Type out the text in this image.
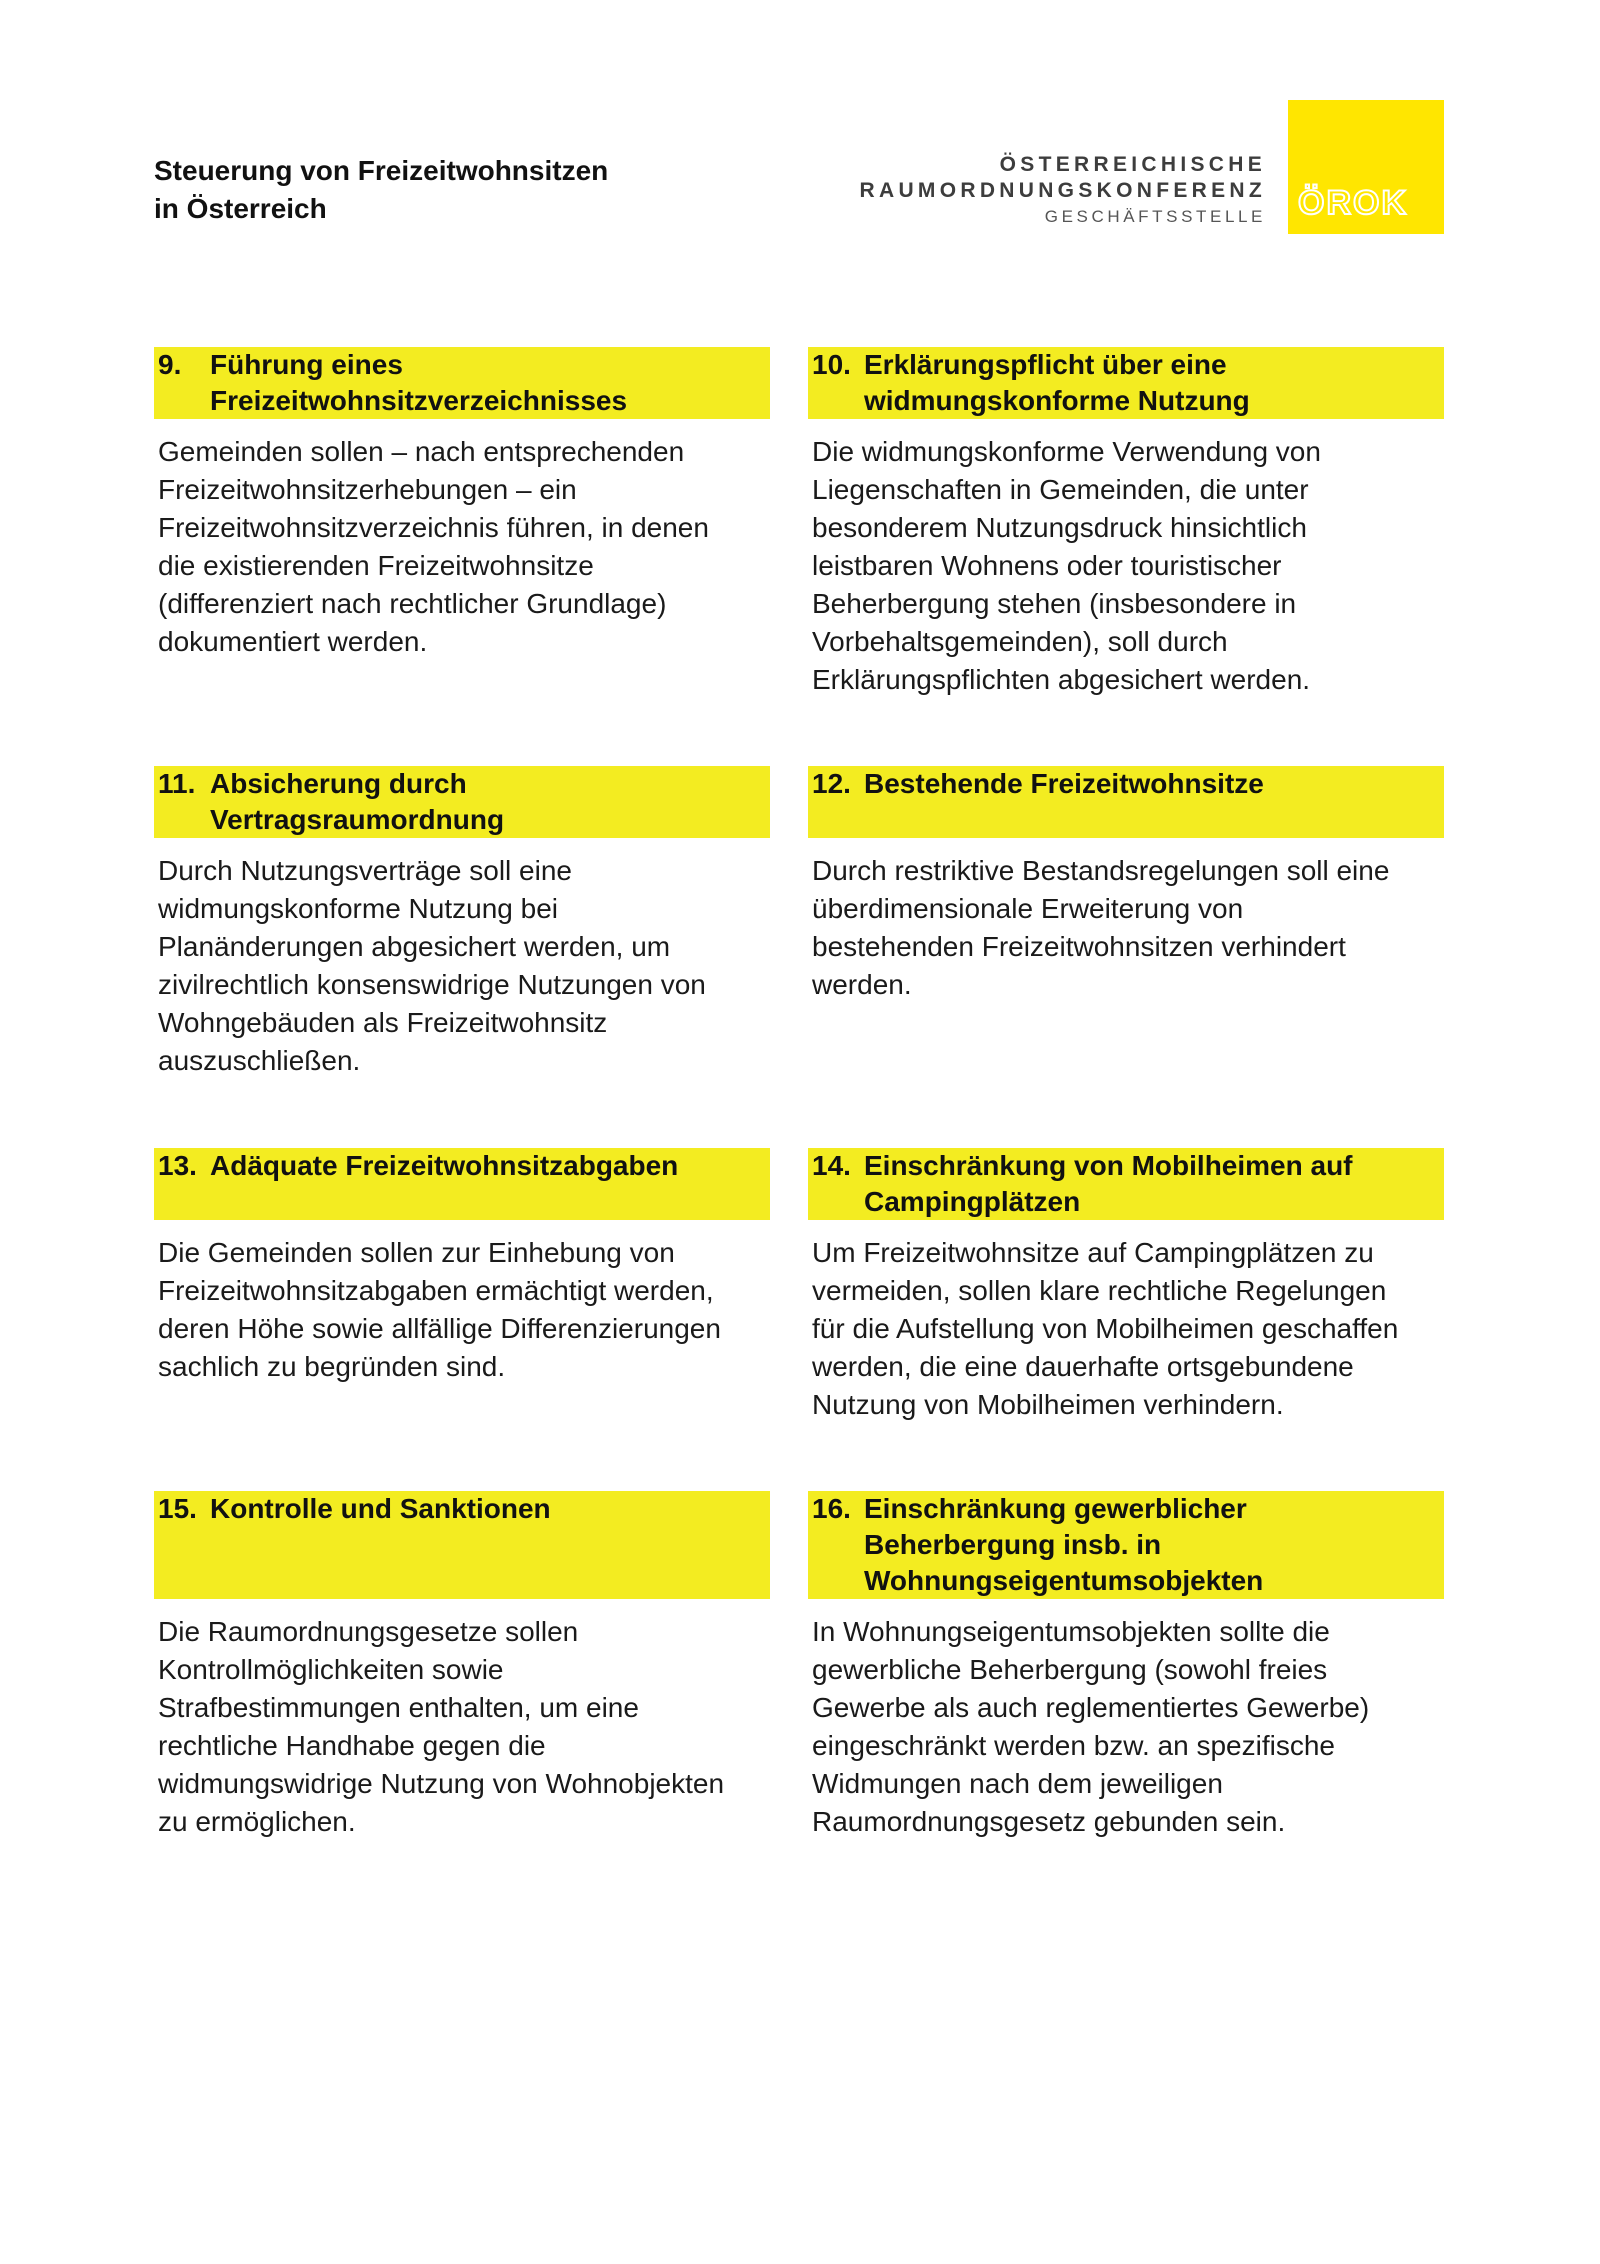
Steuerung von Freizeitwohnsitzen
in Österreich
ÖSTERREICHISCHE
RAUMORDNUNGSKONFERENZ
GESCHÄFTSSTELLE ÖROK
9.	Führung eines
Freizeitwohnsitzverzeichnisses
Gemeinden sollen – nach entsprechenden
Freizeitwohnsitzerhebungen – ein
Freizeitwohnsitzverzeichnis führen, in denen
die existierenden Freizeitwohnsitze
(differenziert nach rechtlicher Grundlage)
dokumentiert werden.
10. Erklärungspflicht über eine
widmungskonforme Nutzung
Die widmungskonforme Verwendung von
Liegenschaften in Gemeinden, die unter
besonderem Nutzungsdruck hinsichtlich
leistbaren Wohnens oder touristischer
Beherbergung stehen (insbesondere in
Vorbehaltsgemeinden), soll durch
Erklärungspflichten abgesichert werden.
11. Absicherung durch
Vertragsraumordnung
Durch Nutzungsverträge soll eine
widmungskonforme Nutzung bei
Planänderungen abgesichert werden, um
zivilrechtlich konsenswidrige Nutzungen von
Wohngebäuden als Freizeitwohnsitz
auszuschließen.
12. Bestehende Freizeitwohnsitze
Durch restriktive Bestandsregelungen soll eine
überdimensionale Erweiterung von
bestehenden Freizeitwohnsitzen verhindert
werden.
13. Adäquate Freizeitwohnsitzabgaben
Die Gemeinden sollen zur Einhebung von
Freizeitwohnsitzabgaben ermächtigt werden,
deren Höhe sowie allfällige Differenzierungen
sachlich zu begründen sind.
14. Einschränkung von Mobilheimen auf
Campingplätzen
Um Freizeitwohnsitze auf Campingplätzen zu
vermeiden, sollen klare rechtliche Regelungen
für die Aufstellung von Mobilheimen geschaffen
werden, die eine dauerhafte ortsgebundene
Nutzung von Mobilheimen verhindern.
15. Kontrolle und Sanktionen
Die Raumordnungsgesetze sollen
Kontrollmöglichkeiten sowie
Strafbestimmungen enthalten, um eine
rechtliche Handhabe gegen die
widmungswidrige Nutzung von Wohnobjekten
zu ermöglichen.
16. Einschränkung gewerblicher
Beherbergung insb. in
Wohnungseigentumsobjekten
In Wohnungseigentumsobjekten sollte die
gewerbliche Beherbergung (sowohl freies
Gewerbe als auch reglementiertes Gewerbe)
eingeschränkt werden bzw. an spezifische
Widmungen nach dem jeweiligen
Raumordnungsgesetz gebunden sein.
